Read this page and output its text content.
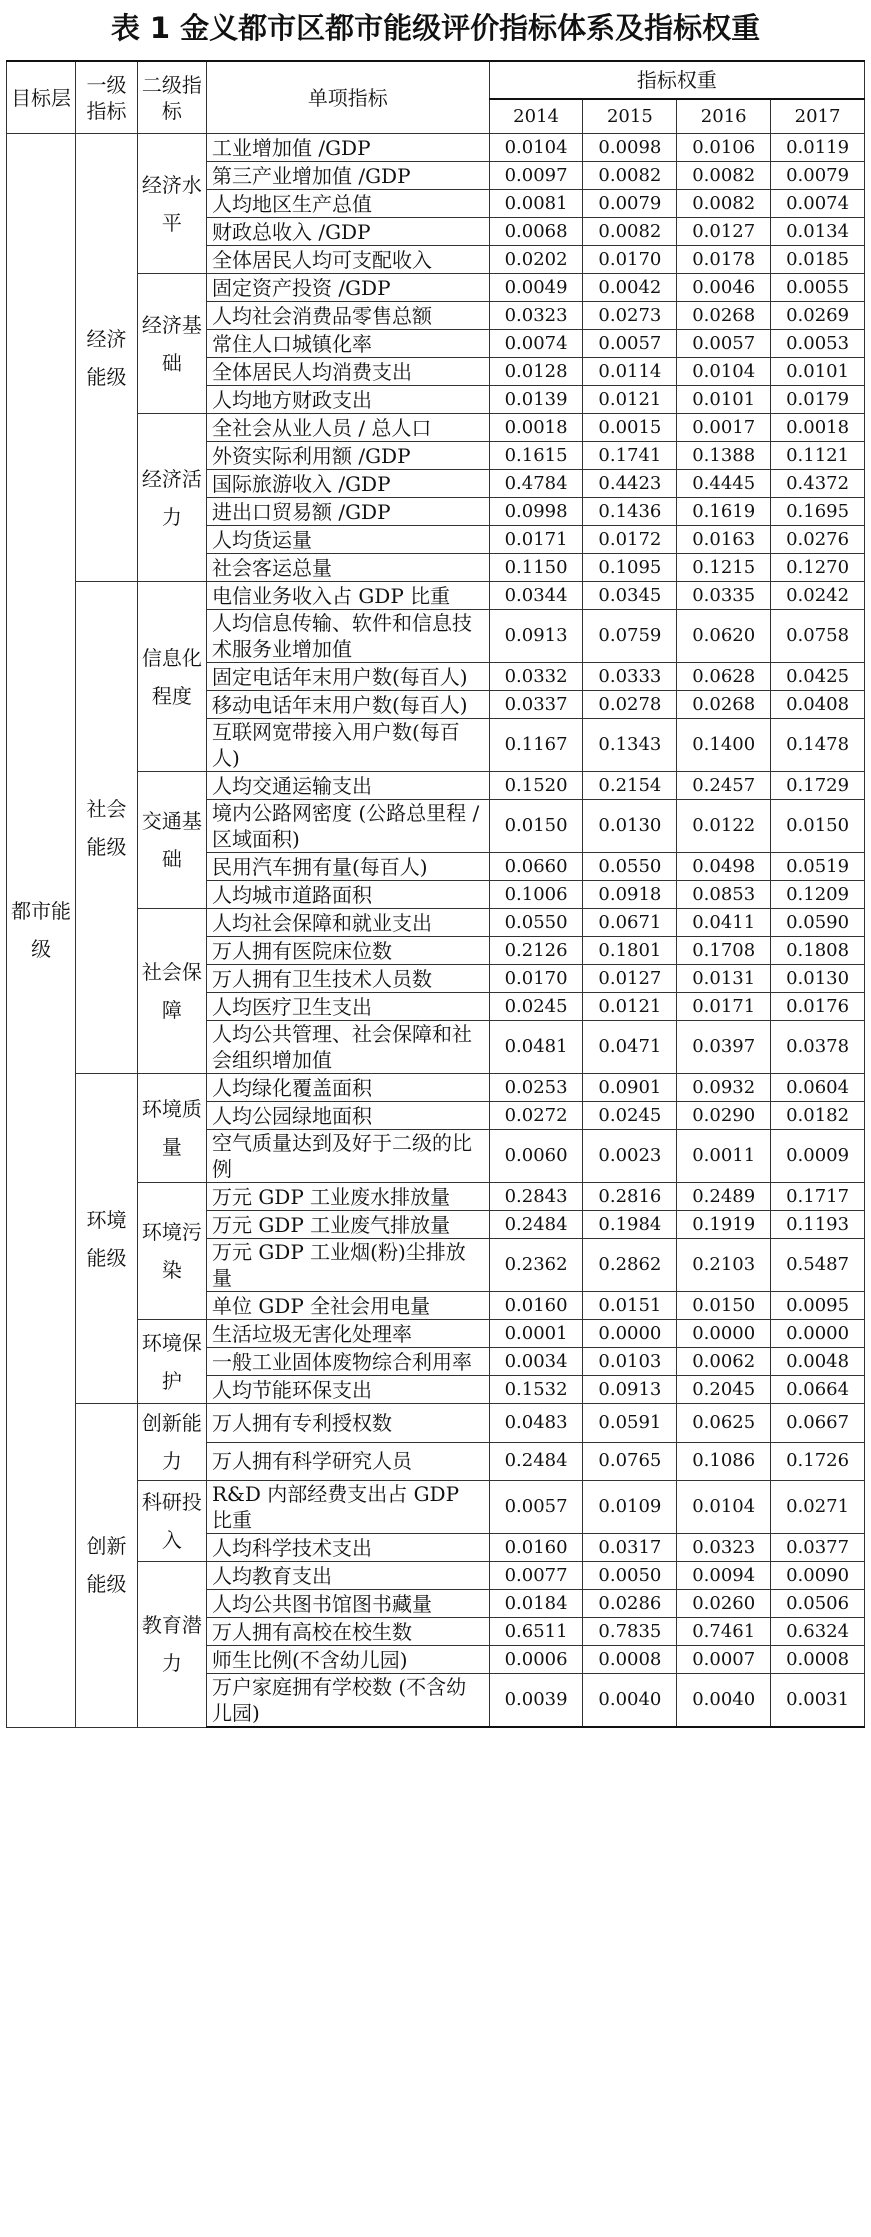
表 1 金义都市区都市能级评价指标体系及指标权重
目标层	一级指标	二级指标	单项指标	指标权重			
				2014	2015	2016	2017
都市能级	经济能级	经济水平	工业增加值 /GDP	0.0104	0.0098	0.0106	0.0119
			第三产业增加值 /GDP	0.0097	0.0082	0.0082	0.0079
			人均地区生产总值	0.0081	0.0079	0.0082	0.0074
			财政总收入 /GDP	0.0068	0.0082	0.0127	0.0134
			全体居民人均可支配收入	0.0202	0.0170	0.0178	0.0185
		经济基础	固定资产投资 /GDP	0.0049	0.0042	0.0046	0.0055
			人均社会消费品零售总额	0.0323	0.0273	0.0268	0.0269
			常住人口城镇化率	0.0074	0.0057	0.0057	0.0053
			全体居民人均消费支出	0.0128	0.0114	0.0104	0.0101
			人均地方财政支出	0.0139	0.0121	0.0101	0.0179
		经济活力	全社会从业人员 / 总人口	0.0018	0.0015	0.0017	0.0018
			外资实际利用额 /GDP	0.1615	0.1741	0.1388	0.1121
			国际旅游收入 /GDP	0.4784	0.4423	0.4445	0.4372
			进出口贸易额 /GDP	0.0998	0.1436	0.1619	0.1695
			人均货运量	0.0171	0.0172	0.0163	0.0276
			社会客运总量	0.1150	0.1095	0.1215	0.1270
	社会能级	信息化程度	电信业务收入占 GDP 比重	0.0344	0.0345	0.0335	0.0242
			人均信息传输、软件和信息技术服务业增加值	0.0913	0.0759	0.0620	0.0758
			固定电话年末用户数(每百人)	0.0332	0.0333	0.0628	0.0425
			移动电话年末用户数(每百人)	0.0337	0.0278	0.0268	0.0408
			互联网宽带接入用户数(每百人)	0.1167	0.1343	0.1400	0.1478
		交通基础	人均交通运输支出	0.1520	0.2154	0.2457	0.1729
			境内公路网密度 (公路总里程 / 区域面积)	0.0150	0.0130	0.0122	0.0150
			民用汽车拥有量(每百人)	0.0660	0.0550	0.0498	0.0519
			人均城市道路面积	0.1006	0.0918	0.0853	0.1209
		社会保障	人均社会保障和就业支出	0.0550	0.0671	0.0411	0.0590
			万人拥有医院床位数	0.2126	0.1801	0.1708	0.1808
			万人拥有卫生技术人员数	0.0170	0.0127	0.0131	0.0130
			人均医疗卫生支出	0.0245	0.0121	0.0171	0.0176
			人均公共管理、社会保障和社会组织增加值	0.0481	0.0471	0.0397	0.0378
	环境能级	环境质量	人均绿化覆盖面积	0.0253	0.0901	0.0932	0.0604
			人均公园绿地面积	0.0272	0.0245	0.0290	0.0182
			空气质量达到及好于二级的比例	0.0060	0.0023	0.0011	0.0009
		环境污染	万元 GDP 工业废水排放量	0.2843	0.2816	0.2489	0.1717
			万元 GDP 工业废气排放量	0.2484	0.1984	0.1919	0.1193
			万元 GDP 工业烟(粉)尘排放量	0.2362	0.2862	0.2103	0.5487
			单位 GDP 全社会用电量	0.0160	0.0151	0.0150	0.0095
		环境保护	生活垃圾无害化处理率	0.0001	0.0000	0.0000	0.0000
			一般工业固体废物综合利用率	0.0034	0.0103	0.0062	0.0048
			人均节能环保支出	0.1532	0.0913	0.2045	0.0664
	创新能级	创新能力	万人拥有专利授权数	0.0483	0.0591	0.0625	0.0667
			万人拥有科学研究人员	0.2484	0.0765	0.1086	0.1726
		科研投入	R&D 内部经费支出占 GDP 比重	0.0057	0.0109	0.0104	0.0271
			人均科学技术支出	0.0160	0.0317	0.0323	0.0377
		教育潜力	人均教育支出	0.0077	0.0050	0.0094	0.0090
			人均公共图书馆图书藏量	0.0184	0.0286	0.0260	0.0506
			万人拥有高校在校生数	0.6511	0.7835	0.7461	0.6324
			师生比例(不含幼儿园)	0.0006	0.0008	0.0007	0.0008
			万户家庭拥有学校数 (不含幼儿园)	0.0039	0.0040	0.0040	0.0031
